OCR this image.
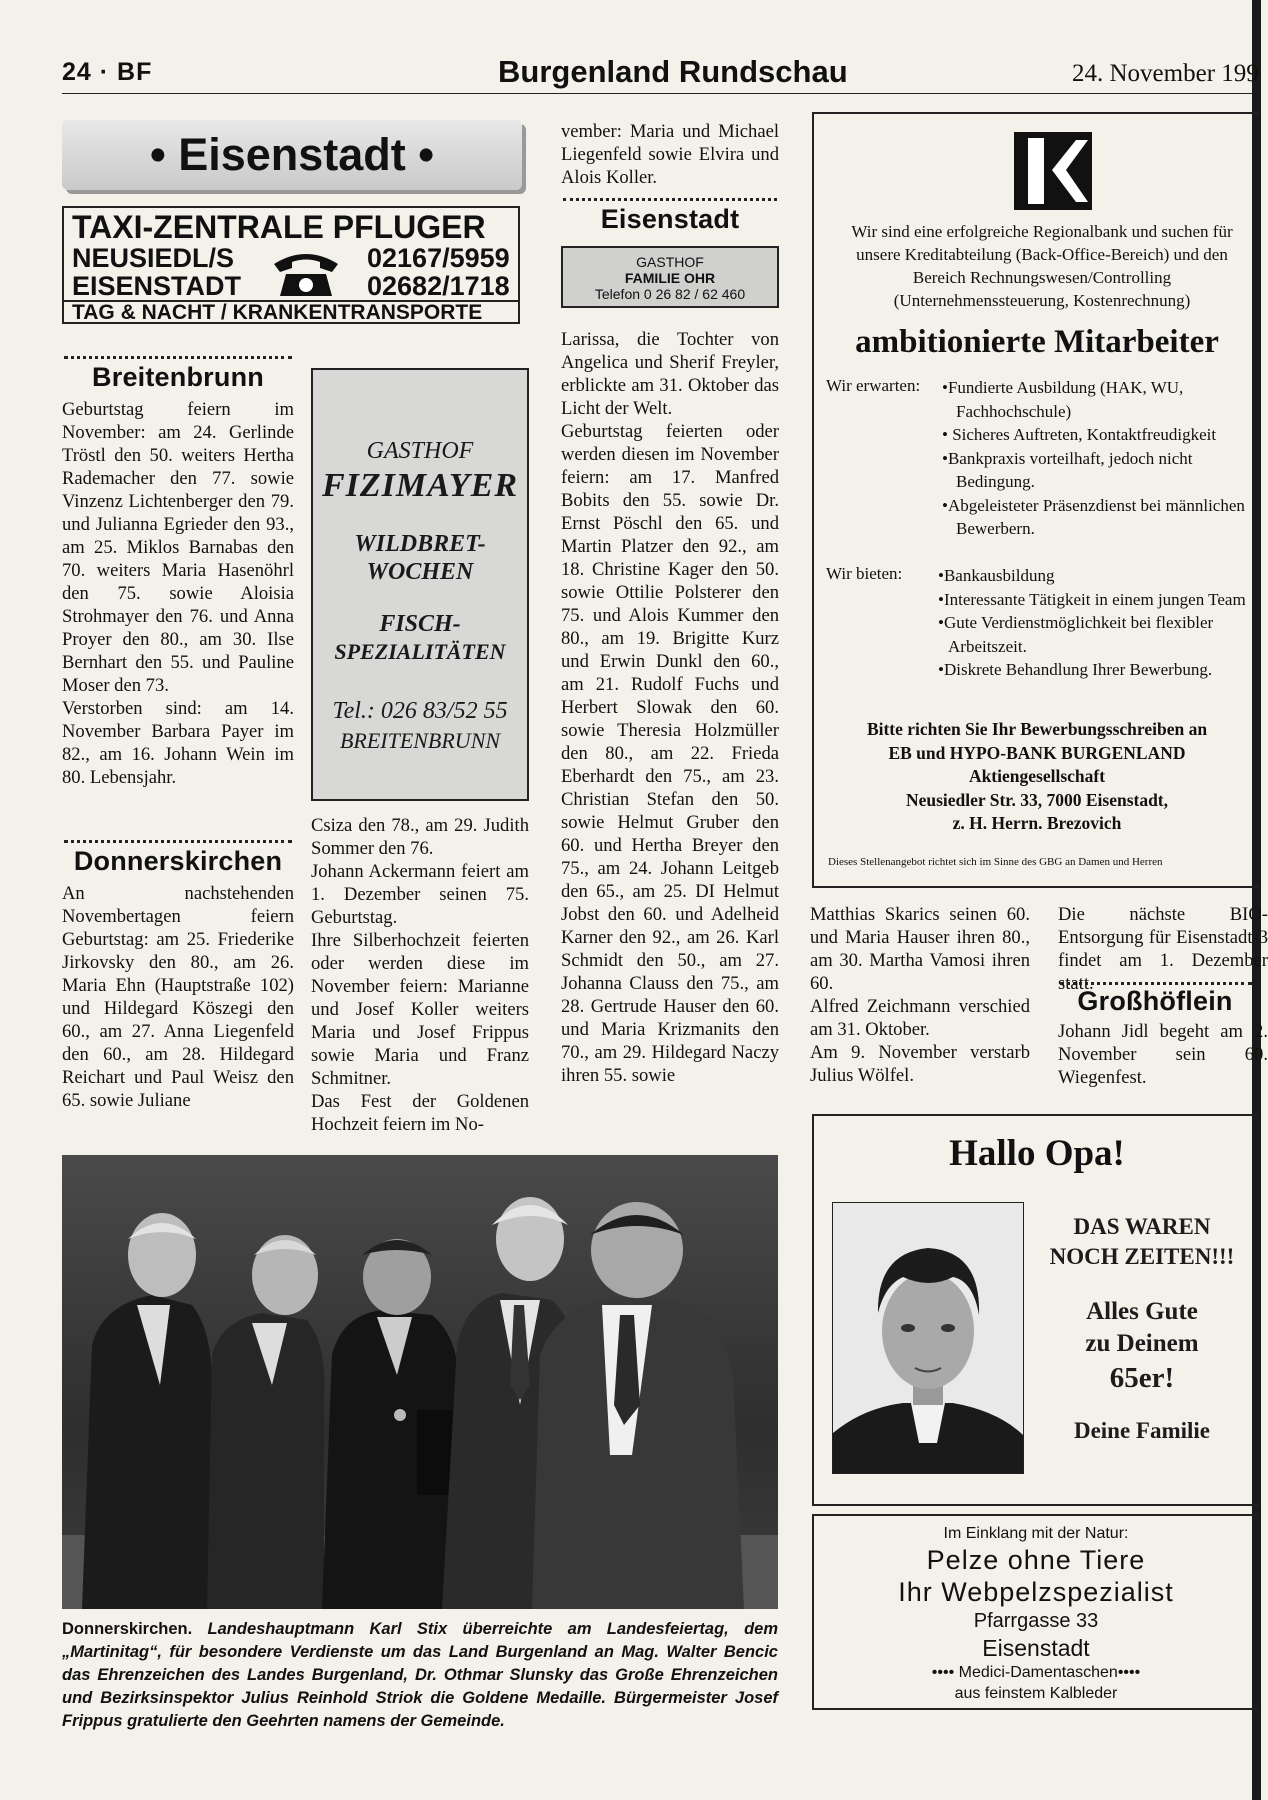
24 · BF	Burgenland Rundschau	24. November 199
• Eisenstadt •
TAXI-ZENTRALE PFLUGER
NEUSIEDL/S
EISENSTADT
02167/5959
02682/1718
TAG & NACHT / KRANKENTRANSPORTE
Breitenbrunn

Geburtstag feiern im November: am 24. Gerlinde Tröstl den 50. weiters Hertha Rademacher den 77. sowie Vinzenz Lichtenberger den 79. und Julianna Egrieder den 93., am 25. Miklos Barnabas den 70. weiters Maria Hasenöhrl den 75. sowie Aloisia Strohmayer den 76. und Anna Proyer den 80., am 30. Ilse Bernhart den 55. und Pauline Moser den 73.

Verstorben sind: am 14. November Barbara Payer im 82., am 16. Johann Wein im 80. Lebensjahr.

Donnerskirchen

An nachstehenden Novembertagen feiern Geburtstag: am 25. Friederike Jirkovsky den 80., am 26. Maria Ehn (Hauptstraße 102) und Hildegard Köszegi den 60., am 27. Anna Liegenfeld den 60., am 28. Hildegard Reichart und Paul Weisz den 65. sowie Juliane

GASTHOF
FIZIMAYER
WILDBRET-
WOCHEN
FISCH-
SPEZIALITÄTEN
Tel.: 026 83/52 55
BREITENBRUNN

Csiza den 78., am 29. Judith Sommer den 76.

Johann Ackermann feiert am 1. Dezember seinen 75. Geburtstag.

Ihre Silberhochzeit feierten oder werden diese im November feiern: Marianne und Josef Koller weiters Maria und Josef Frippus sowie Maria und Franz Schmitner.

Das Fest der Goldenen Hochzeit feiern im No-

vember: Maria und Michael Liegenfeld sowie Elvira und Alois Koller.

Eisenstadt
GASTHOF
FAMILIE OHR
Telefon 0 26 82 / 62 460

Larissa, die Tochter von Angelica und Sherif Freyler, erblickte am 31. Oktober das Licht der Welt.

Geburtstag feierten oder werden diesen im November feiern: am 17. Manfred Bobits den 55. sowie Dr. Ernst Pöschl den 65. und Martin Platzer den 92., am 18. Christine Kager den 50. sowie Ottilie Polsterer den 75. und Alois Kummer den 80., am 19. Brigitte Kurz und Erwin Dunkl den 60., am 21. Rudolf Fuchs und Herbert Slowak den 60. sowie Theresia Holzmüller den 80., am 22. Frieda Eberhardt den 75., am 23. Christian Stefan den 50. sowie Helmut Gruber den 60. und Hertha Breyer den 75., am 24. Johann Leitgeb den 65., am 25. DI Helmut Jobst den 60. und Adelheid Karner den 92., am 26. Karl Schmidt den 50., am 27. Johanna Clauss den 75., am 28. Gertrude Hauser den 60. und Maria Krizmanits den 70., am 29. Hildegard Naczy ihren 55. sowie

Wir sind eine erfolgreiche Regionalbank und suchen für unsere Kreditabteilung (Back-Office-Bereich) und den Bereich Rechnungswesen/Controlling (Unternehmenssteuerung, Kostenrechnung)
ambitionierte Mitarbeiter
Wir erwarten: •Fundierte Ausbildung (HAK, WU, Fachhochschule)
• Sicheres Auftreten, Kontaktfreudigkeit
•Bankpraxis vorteilhaft, jedoch nicht Bedingung.
•Abgeleisteter Präsenzdienst bei männlichen Bewerbern.
Wir bieten: •Bankausbildung
•Interessante Tätigkeit in einem jungen Team
•Gute Verdienstmöglichkeit bei flexibler Arbeitszeit.
•Diskrete Behandlung Ihrer Bewerbung.
Bitte richten Sie Ihr Bewerbungsschreiben an
EB und HYPO-BANK BURGENLAND
Aktiengesellschaft
Neusiedler Str. 33, 7000 Eisenstadt,
z. H. Herrn. Brezovich
Dieses Stellenangebot richtet sich im Sinne des GBG an Damen und Herren

Matthias Skarics seinen 60. und Maria Hauser ihren 80., am 30. Martha Vamosi ihren 60.

Alfred Zeichmann verschied am 31. Oktober.

Am 9. November verstarb Julius Wölfel.

Die nächste BIO-Entsorgung für Eisenstadt-3 findet am 1. Dezember statt.

Großhöflein

Johann Jidl begeht am 2. November sein 60. Wiegenfest.

Donnerskirchen. Landeshauptmann Karl Stix überreichte am Landesfeiertag, dem „Martinitag“, für besondere Verdienste um das Land Burgenland an Mag. Walter Bencic das Ehrenzeichen des Landes Burgenland, Dr. Othmar Slunsky das Große Ehrenzeichen und Bezirksinspektor Julius Reinhold Striok die Goldene Medaille. Bürgermeister Josef Frippus gratulierte den Geehrten namens der Gemeinde.
Hallo Opa!
DAS WAREN
NOCH ZEITEN!!!
Alles Gute
zu Deinem
65er!
Deine Familie
Im Einklang mit der Natur:
Pelze ohne Tiere
Ihr Webpelzspezialist
Pfarrgasse 33
Eisenstadt
•••• Medici-Damentaschen••••
aus feinstem Kalbleder
